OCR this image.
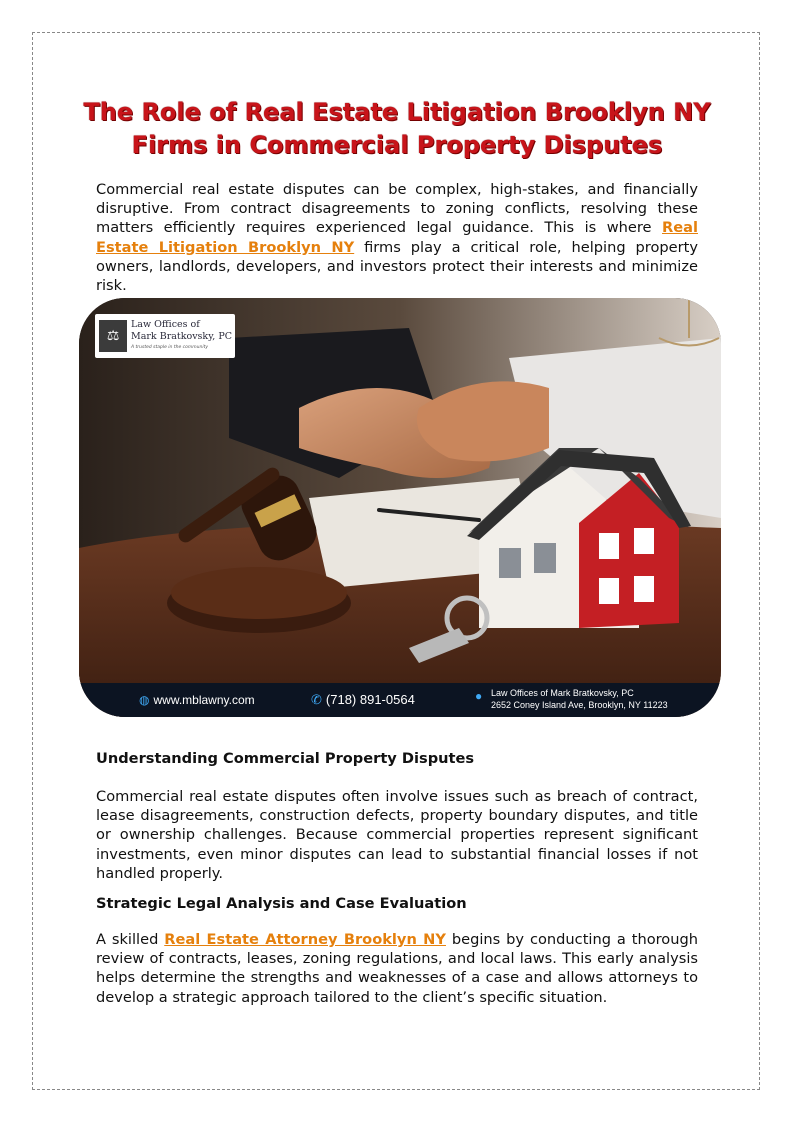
The Role of Real Estate Litigation Brooklyn NY
Firms in Commercial Property Disputes

Commercial real estate disputes can be complex, high-stakes, and financially disruptive. From contract disagreements to zoning conflicts, resolving these matters efficiently requires experienced legal guidance. This is where Real Estate Litigation Brooklyn NY firms play a critical role, helping property owners, landlords, developers, and investors protect their interests and minimize risk.

⚖
Law Offices of
Mark Bratkovsky, PC
A trusted staple in the community
◍ www.mblawny.com	✆ (718) 891-0564	● Law Offices of Mark Bratkovsky, PC
2652 Coney Island Ave, Brooklyn, NY 11223
Understanding Commercial Property Disputes

Commercial real estate disputes often involve issues such as breach of contract, lease disagreements, construction defects, property boundary disputes, and title or ownership challenges. Because commercial properties represent significant investments, even minor disputes can lead to substantial financial losses if not handled properly.

Strategic Legal Analysis and Case Evaluation

A skilled Real Estate Attorney Brooklyn NY begins by conducting a thorough review of contracts, leases, zoning regulations, and local laws. This early analysis helps determine the strengths and weaknesses of a case and allows attorneys to develop a strategic approach tailored to the client’s specific situation.
